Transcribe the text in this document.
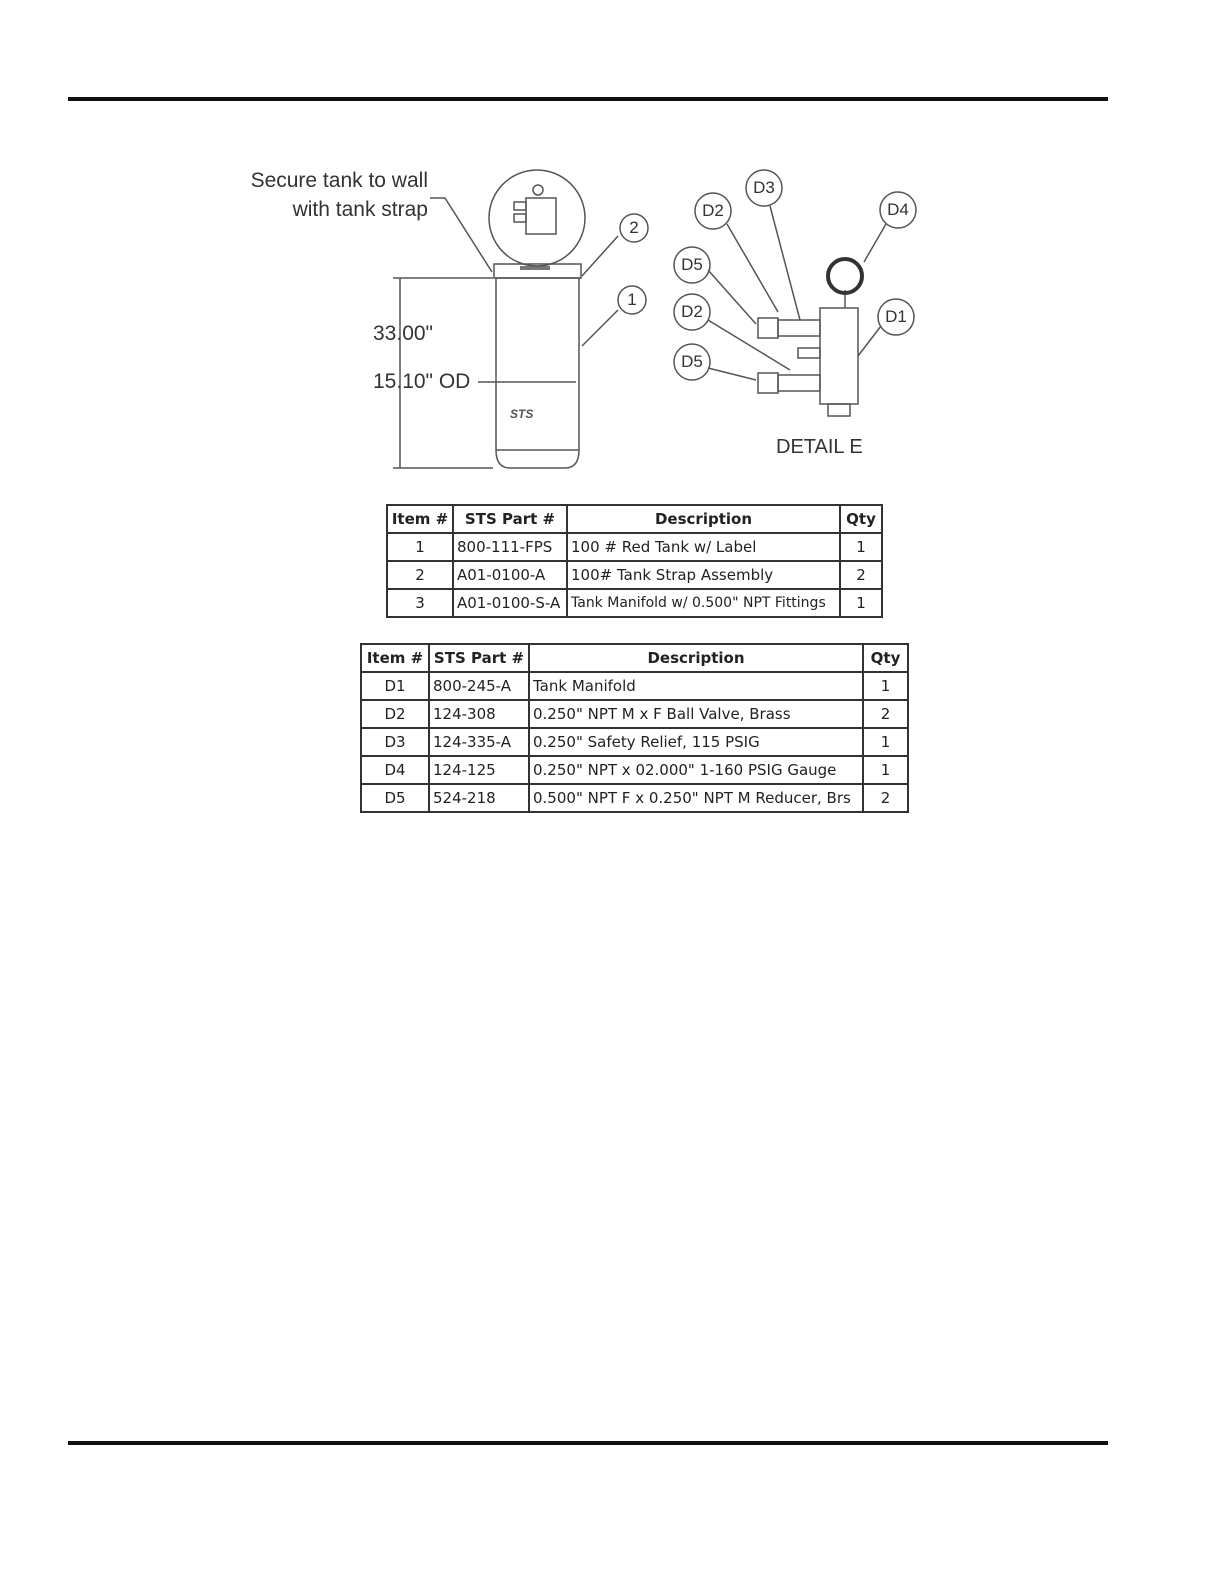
Secure tank to wall
with tank strap
33.00"
15.10" OD
STS
DETAIL E
2
1
D3
D2	D4
D5
D2	D1
D5
Item #	STS Part #	Description	Qty
1	800-111-FPS	100 # Red Tank w/ Label	1
2	A01-0100-A	100# Tank Strap Assembly	2
3	A01-0100-S-A	Tank Manifold w/ 0.500" NPT Fittings	1
Item #	STS Part #	Description	Qty
D1	800-245-A	Tank Manifold	1
D2	124-308	0.250" NPT M x F Ball Valve, Brass	2
D3	124-335-A	0.250" Safety Relief, 115 PSIG	1
D4	124-125	0.250" NPT x 02.000" 1-160 PSIG Gauge	1
D5	524-218	0.500" NPT F x 0.250" NPT M Reducer, Brs	2
